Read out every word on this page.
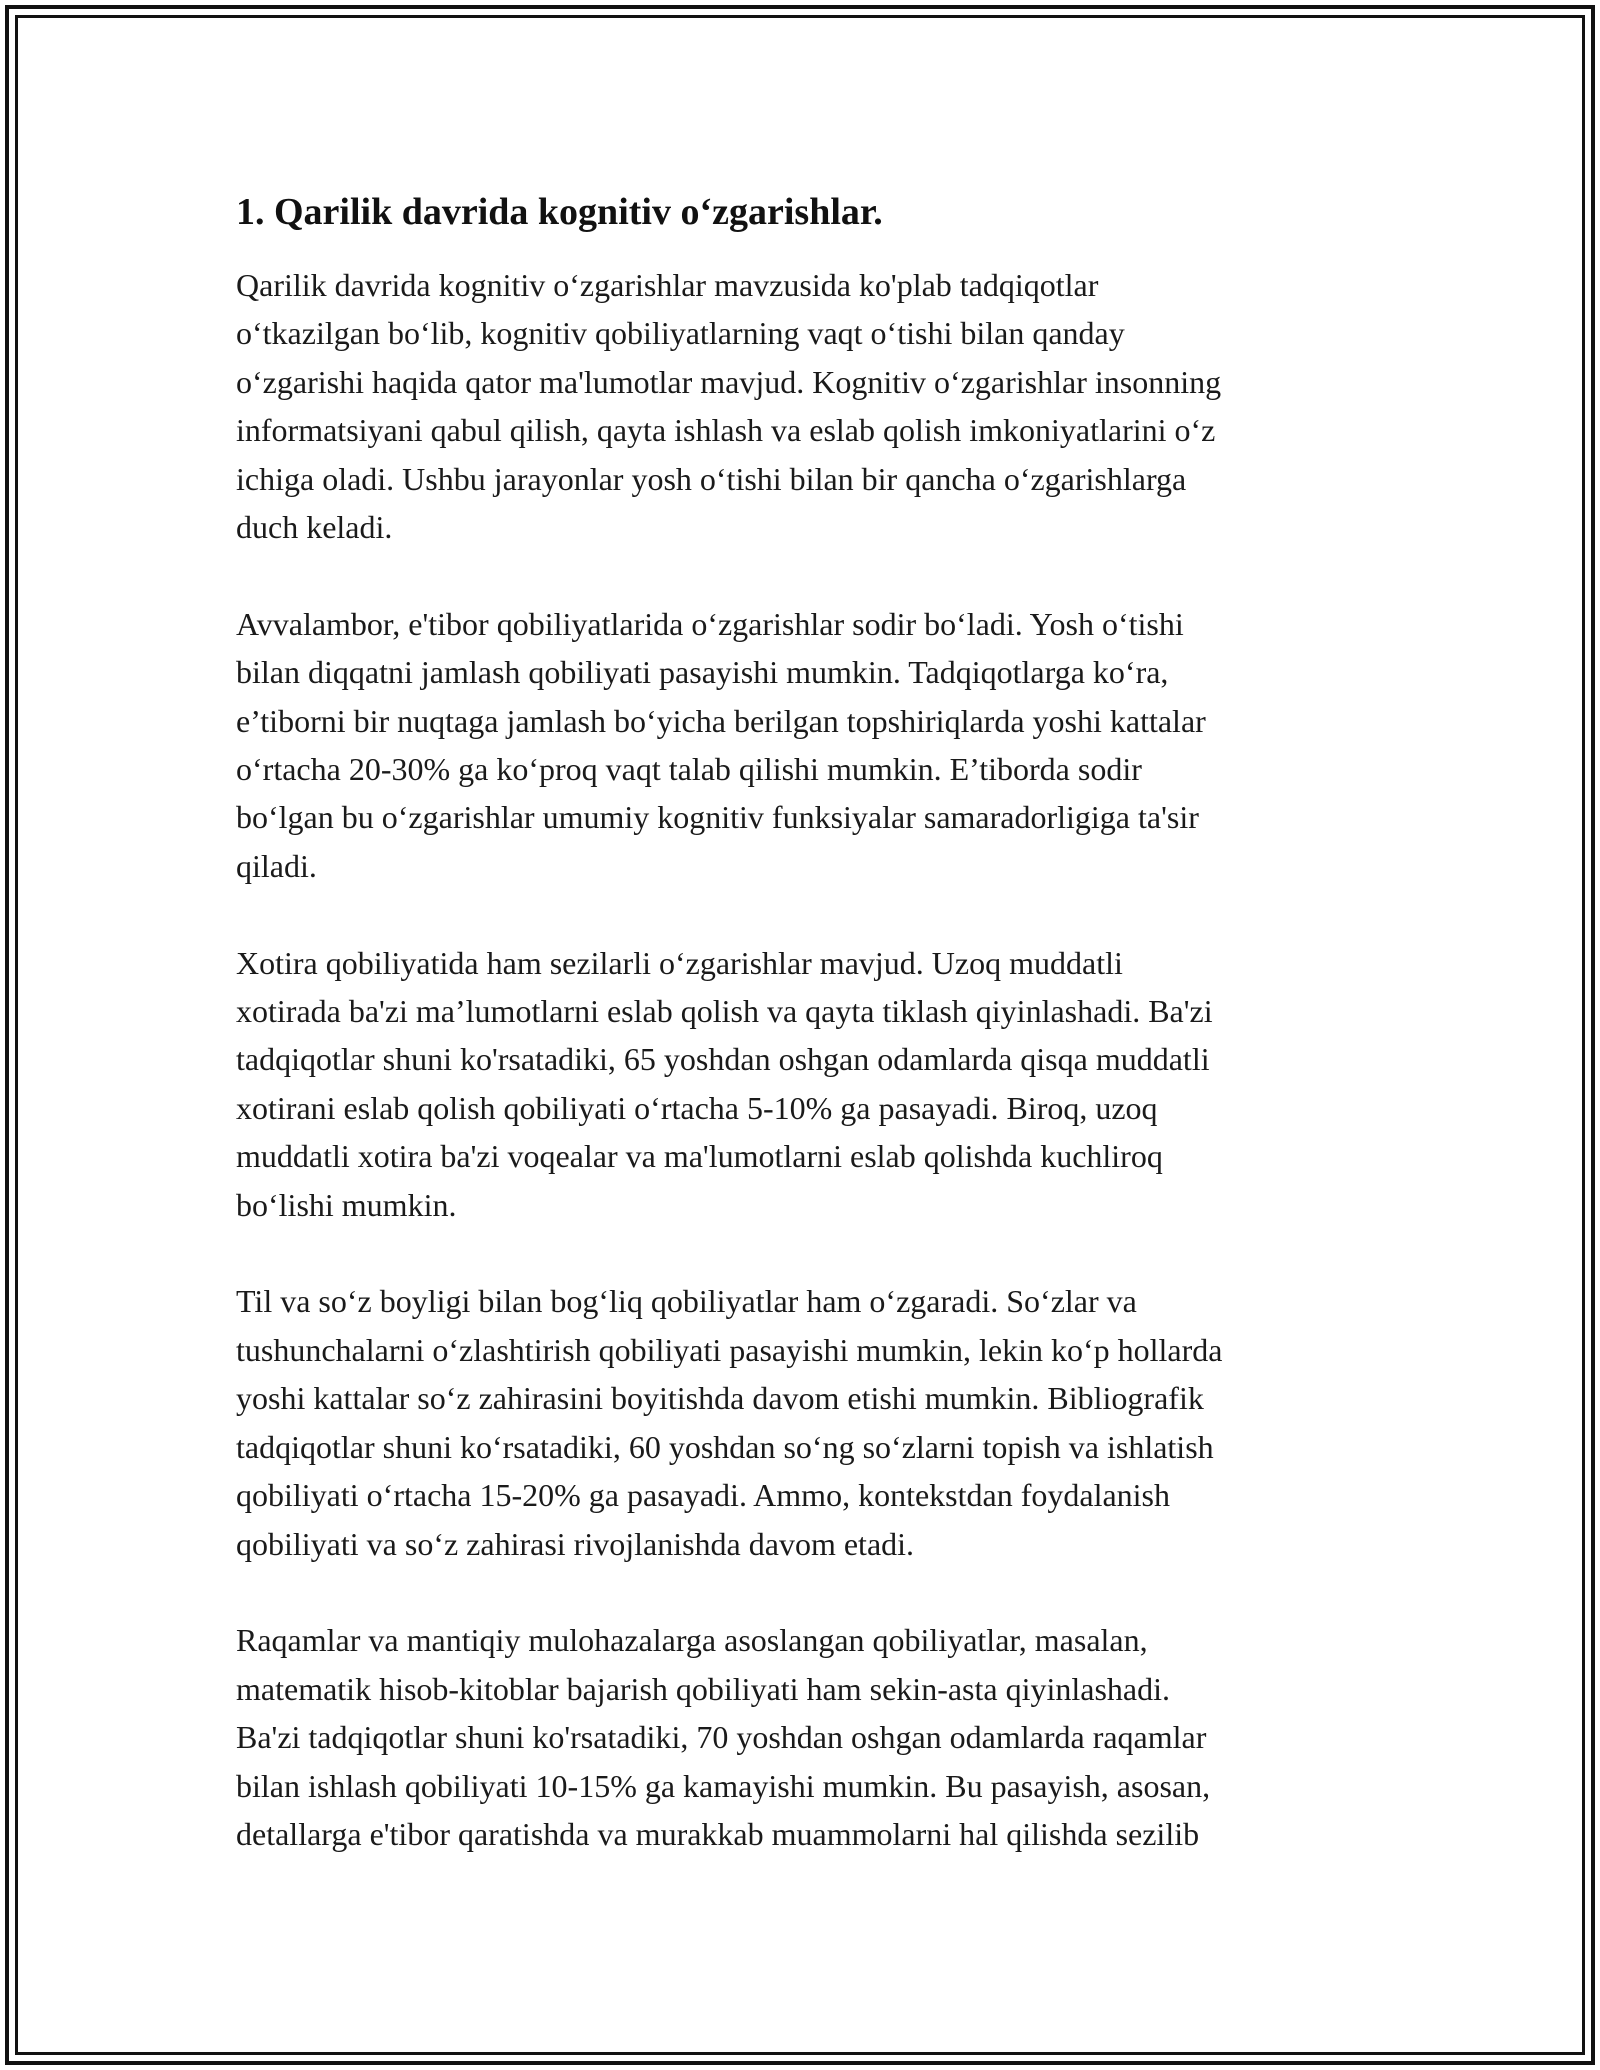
1. Qarilik davrida kognitiv o‘zgarishlar.
Qarilik davrida kognitiv o‘zgarishlar mavzusida ko'plab tadqiqotlar
o‘tkazilgan bo‘lib, kognitiv qobiliyatlarning vaqt o‘tishi bilan qanday
o‘zgarishi haqida qator ma'lumotlar mavjud. Kognitiv o‘zgarishlar insonning
informatsiyani qabul qilish, qayta ishlash va eslab qolish imkoniyatlarini o‘z
ichiga oladi. Ushbu jarayonlar yosh o‘tishi bilan bir qancha o‘zgarishlarga
duch keladi.
Avvalambor, e'tibor qobiliyatlarida o‘zgarishlar sodir bo‘ladi. Yosh o‘tishi
bilan diqqatni jamlash qobiliyati pasayishi mumkin. Tadqiqotlarga ko‘ra,
e’tiborni bir nuqtaga jamlash bo‘yicha berilgan topshiriqlarda yoshi kattalar
o‘rtacha 20-30% ga ko‘proq vaqt talab qilishi mumkin. E’tiborda sodir
bo‘lgan bu o‘zgarishlar umumiy kognitiv funksiyalar samaradorligiga ta'sir
qiladi.
Xotira qobiliyatida ham sezilarli o‘zgarishlar mavjud. Uzoq muddatli
xotirada ba'zi ma’lumotlarni eslab qolish va qayta tiklash qiyinlashadi. Ba'zi
tadqiqotlar shuni ko'rsatadiki, 65 yoshdan oshgan odamlarda qisqa muddatli
xotirani eslab qolish qobiliyati o‘rtacha 5-10% ga pasayadi. Biroq, uzoq
muddatli xotira ba'zi voqealar va ma'lumotlarni eslab qolishda kuchliroq
bo‘lishi mumkin.
Til va so‘z boyligi bilan bog‘liq qobiliyatlar ham o‘zgaradi. So‘zlar va
tushunchalarni o‘zlashtirish qobiliyati pasayishi mumkin, lekin ko‘p hollarda
yoshi kattalar so‘z zahirasini boyitishda davom etishi mumkin. Bibliografik
tadqiqotlar shuni ko‘rsatadiki, 60 yoshdan so‘ng so‘zlarni topish va ishlatish
qobiliyati o‘rtacha 15-20% ga pasayadi. Ammo, kontekstdan foydalanish
qobiliyati va so‘z zahirasi rivojlanishda davom etadi.
Raqamlar va mantiqiy mulohazalarga asoslangan qobiliyatlar, masalan,
matematik hisob-kitoblar bajarish qobiliyati ham sekin-asta qiyinlashadi.
Ba'zi tadqiqotlar shuni ko'rsatadiki, 70 yoshdan oshgan odamlarda raqamlar
bilan ishlash qobiliyati 10-15% ga kamayishi mumkin. Bu pasayish, asosan,
detallarga e'tibor qaratishda va murakkab muammolarni hal qilishda sezilib
